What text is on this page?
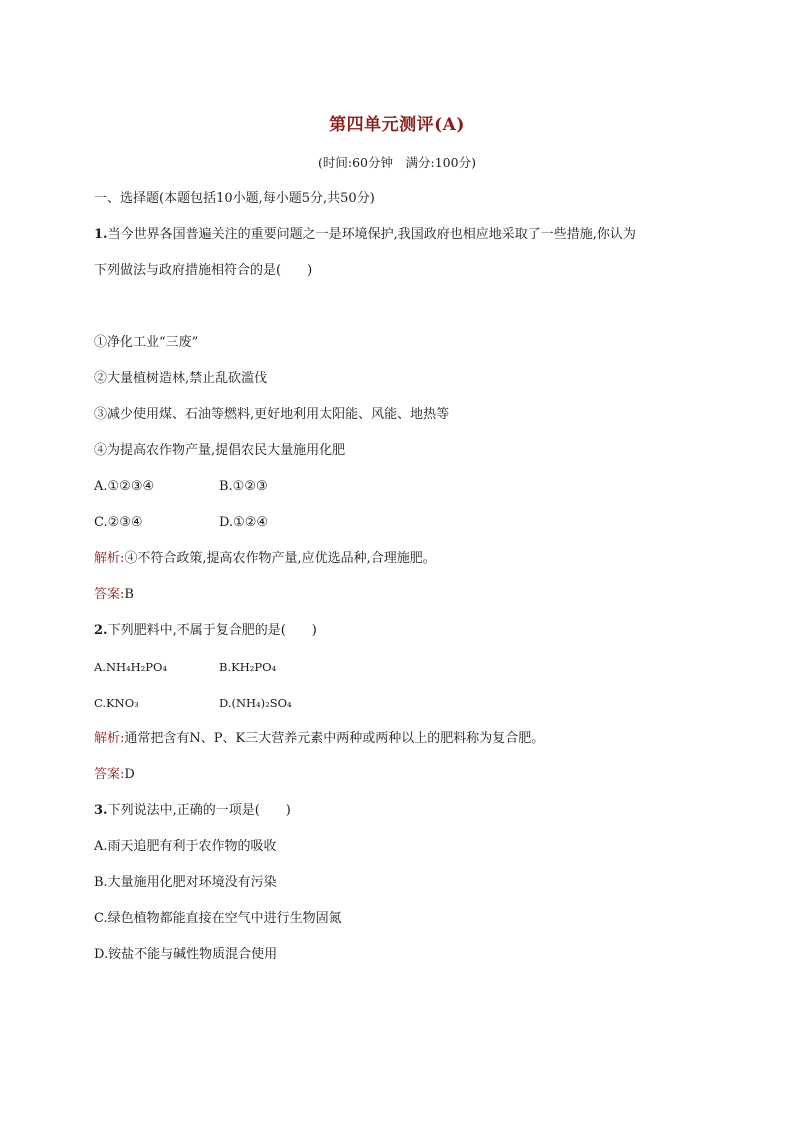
第四单元测评(A)
(时间:60分钟　满分:100分)
一、选择题(本题包括10小题,每小题5分,共50分)
1.当今世界各国普遍关注的重要问题之一是环境保护,我国政府也相应地采取了一些措施,你认为
下列做法与政府措施相符合的是(　　)
①净化工业“三废”
②大量植树造林,禁止乱砍滥伐
③减少使用煤、石油等燃料,更好地利用太阳能、风能、地热等
④为提高农作物产量,提倡农民大量施用化肥
A.①②③④	B.①②③
C.②③④	D.①②④
解析:④不符合政策,提高农作物产量,应优选品种,合理施肥。
答案:B
2.下列肥料中,不属于复合肥的是(　　)
A.NH₄H₂PO₄	B.KH₂PO₄
C.KNO₃	D.(NH₄)₂SO₄
解析:通常把含有N、P、K三大营养元素中两种或两种以上的肥料称为复合肥。
答案:D
3.下列说法中,正确的一项是(　　)
A.雨天追肥有利于农作物的吸收
B.大量施用化肥对环境没有污染
C.绿色植物都能直接在空气中进行生物固氮
D.铵盐不能与碱性物质混合使用
